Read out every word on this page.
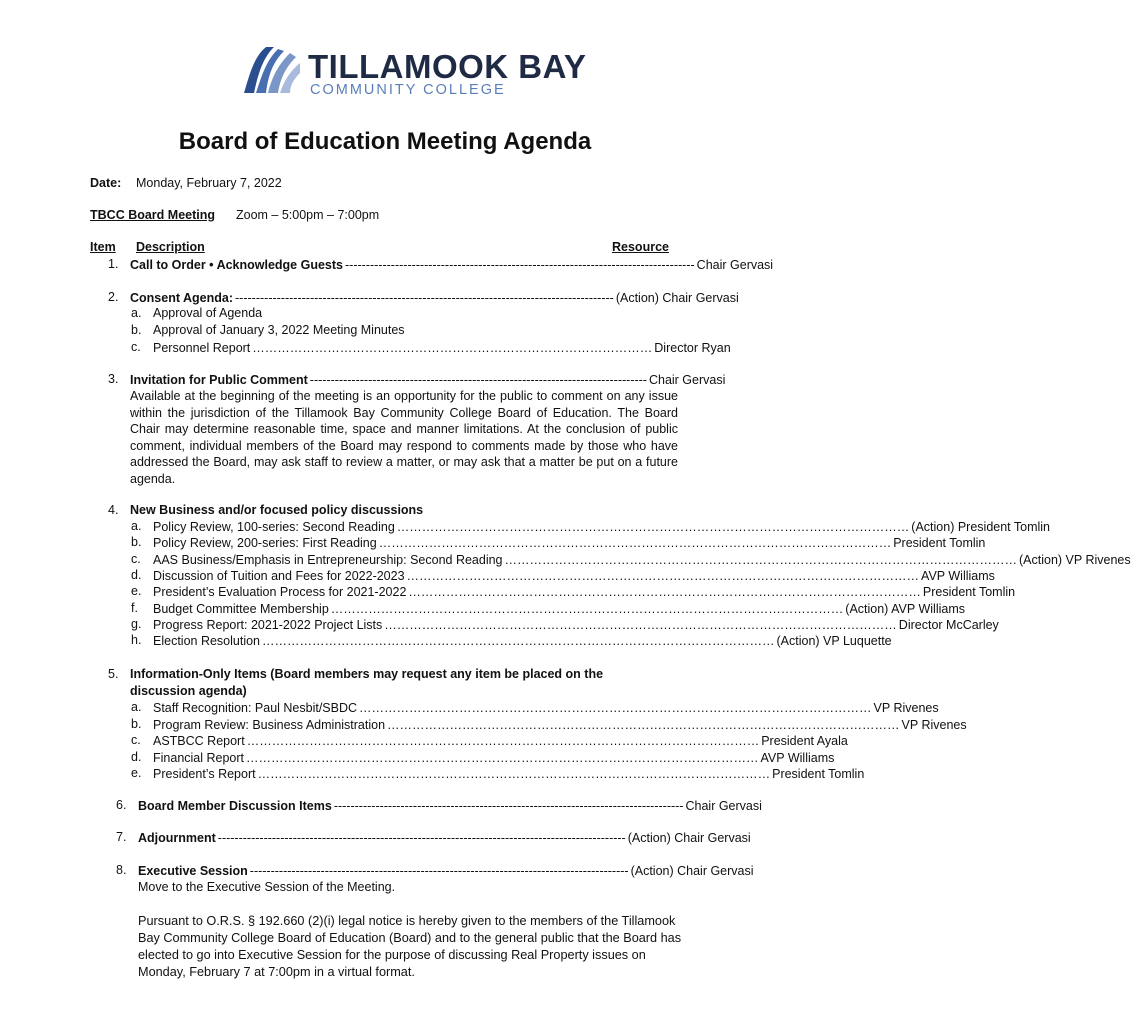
TILLAMOOK BAY
COMMUNITY COLLEGE
Board of Education Meeting Agenda
Date: Monday, February 7, 2022
TBCC Board Meeting Zoom – 5:00pm – 7:00pm
Item Description	Resource
1. Call to Order • Acknowledge Guests ------------------------------------------------------------------------------------ Chair Gervasi
2. Consent Agenda: ------------------------------------------------------------------------------------------- (Action) Chair Gervasi
a. Approval of Agenda
b. Approval of January 3, 2022 Meeting Minutes
c. Personnel Report …………………………………………………………………………………… Director Ryan
3. Invitation for Public Comment --------------------------------------------------------------------------------- Chair Gervasi
Available at the beginning of the meeting is an opportunity for the public to comment on any issue within the jurisdiction of the Tillamook Bay Community College Board of Education. The Board Chair may determine reasonable time, space and manner limitations. At the conclusion of public comment, individual members of the Board may respond to comments made by those who have addressed the Board, may ask staff to review a matter, or may ask that a matter be put on a future agenda.
4. New Business and/or focused policy discussions
a. Policy Review, 100-series: Second Reading …………………………………………………………………………………………………………… (Action) President Tomlin
b. Policy Review, 200-series: First Reading …………………………………………………………………………………………………………… President Tomlin
c. AAS Business/Emphasis in Entrepreneurship: Second Reading …………………………………………………………………………………………………………… (Action) VP Rivenes
d. Discussion of Tuition and Fees for 2022-2023 …………………………………………………………………………………………………………… AVP Williams
e. President’s Evaluation Process for 2021-2022 …………………………………………………………………………………………………………… President Tomlin
f. Budget Committee Membership …………………………………………………………………………………………………………… (Action) AVP Williams
g. Progress Report: 2021-2022 Project Lists …………………………………………………………………………………………………………… Director McCarley
h. Election Resolution …………………………………………………………………………………………………………… (Action) VP Luquette
5. Information-Only Items (Board members may request any item be placed on the
discussion agenda)
a. Staff Recognition: Paul Nesbit/SBDC …………………………………………………………………………………………………………… VP Rivenes
b. Program Review: Business Administration …………………………………………………………………………………………………………… VP Rivenes
c. ASTBCC Report …………………………………………………………………………………………………………… President Ayala
d. Financial Report …………………………………………………………………………………………………………… AVP Williams
e. President’s Report …………………………………………………………………………………………………………… President Tomlin
6. Board Member Discussion Items ------------------------------------------------------------------------------------ Chair Gervasi
7. Adjournment -------------------------------------------------------------------------------------------------- (Action) Chair Gervasi
8. Executive Session ------------------------------------------------------------------------------------------- (Action) Chair Gervasi
Move to the Executive Session of the Meeting.
Pursuant to O.R.S. § 192.660 (2)(i) legal notice is hereby given to the members of the Tillamook Bay Community College Board of Education (Board) and to the general public that the Board has elected to go into Executive Session for the purpose of discussing Real Property issues on Monday, February 7 at 7:00pm in a virtual format.
